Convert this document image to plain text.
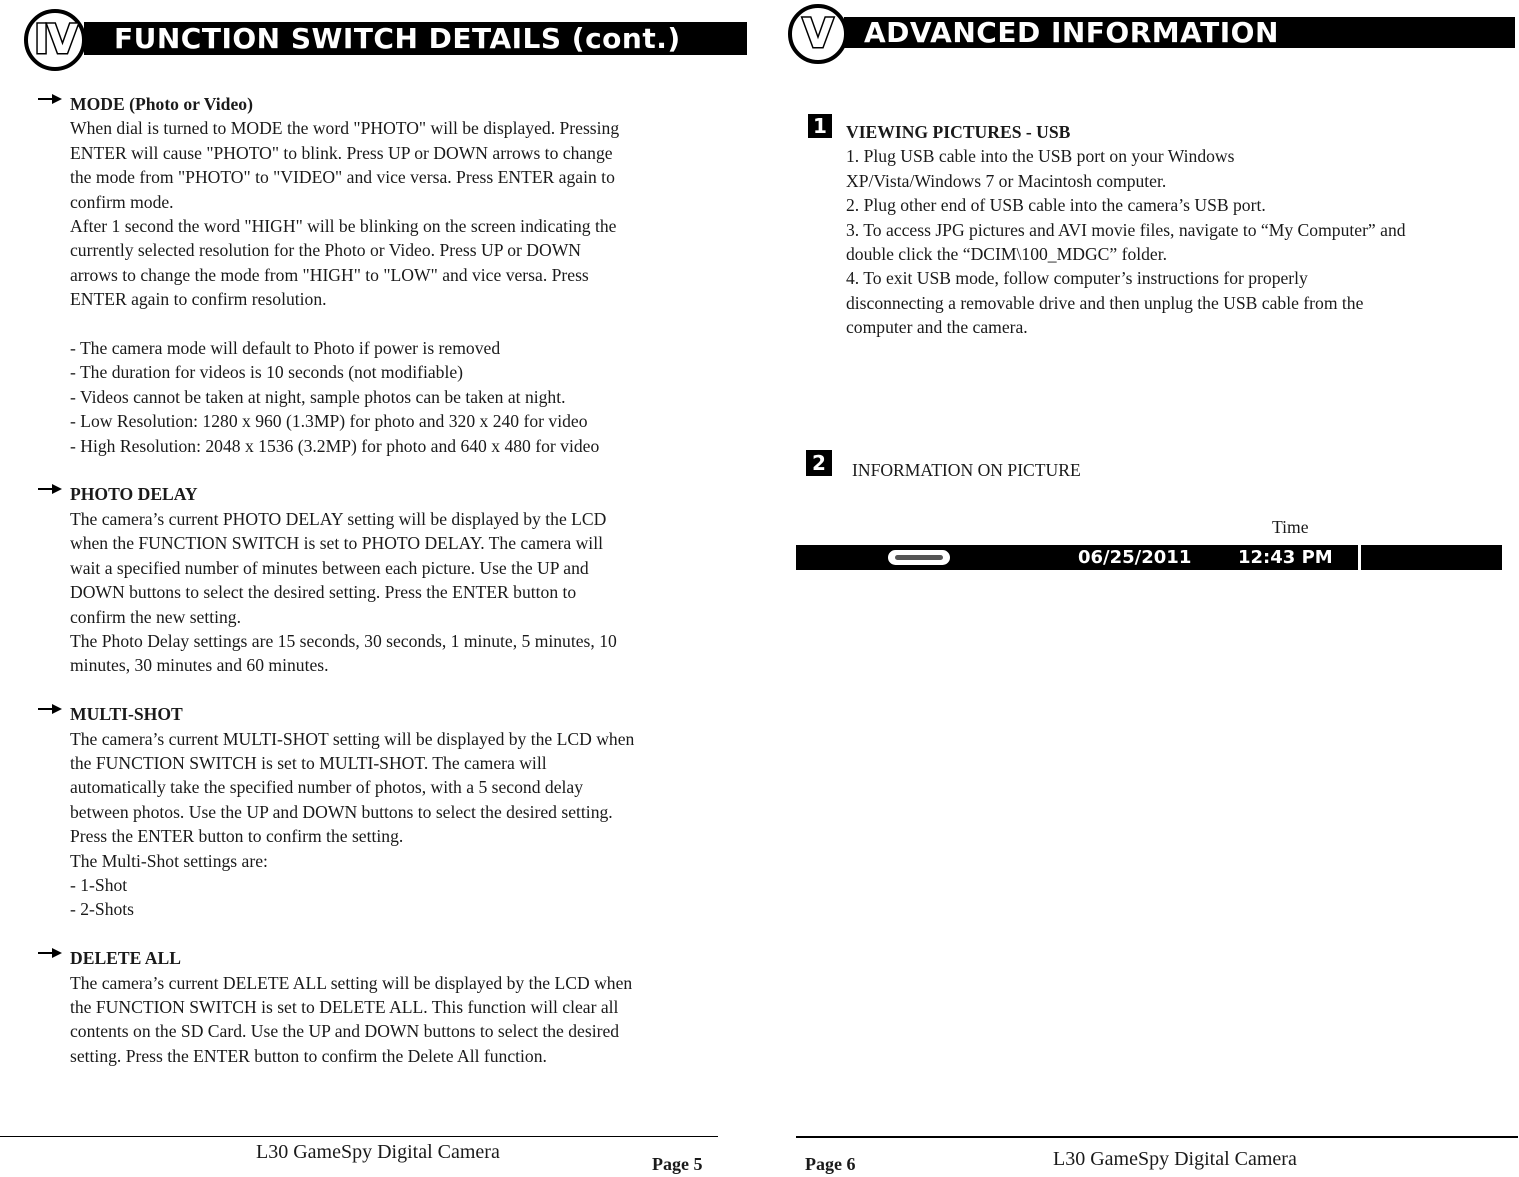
FUNCTION SWITCH DETAILS (cont.)
IV
MODE (Photo or Video)
When dial is turned to MODE the word "PHOTO" will be displayed. Pressing
ENTER will cause "PHOTO" to blink. Press UP or DOWN arrows to change
the mode from "PHOTO" to "VIDEO" and vice versa. Press ENTER again to
confirm mode.
After 1 second the word "HIGH" will be blinking on the screen indicating the
currently selected resolution for the Photo or Video. Press UP or DOWN
arrows to change the mode from "HIGH" to "LOW" and vice versa. Press
ENTER again to confirm resolution.
- The camera mode will default to Photo if power is removed
- The duration for videos is 10 seconds (not modifiable)
- Videos cannot be taken at night, sample photos can be taken at night.
- Low Resolution: 1280 x 960 (1.3MP) for photo and 320 x 240 for video
- High Resolution: 2048 x 1536 (3.2MP) for photo and 640 x 480 for video
PHOTO DELAY
The camera’s current PHOTO DELAY setting will be displayed by the LCD
when the FUNCTION SWITCH is set to PHOTO DELAY. The camera will
wait a specified number of minutes between each picture. Use the UP and
DOWN buttons to select the desired setting. Press the ENTER button to
confirm the new setting.
The Photo Delay settings are 15 seconds, 30 seconds, 1 minute, 5 minutes, 10
minutes, 30 minutes and 60 minutes.
MULTI-SHOT
The camera’s current MULTI-SHOT setting will be displayed by the LCD when
the FUNCTION SWITCH is set to MULTI-SHOT. The camera will
automatically take the specified number of photos, with a 5 second delay
between photos. Use the UP and DOWN buttons to select the desired setting.
Press the ENTER button to confirm the setting.
The Multi-Shot settings are:
- 1-Shot
- 2-Shots
DELETE ALL
The camera’s current DELETE ALL setting will be displayed by the LCD when
the FUNCTION SWITCH is set to DELETE ALL. This function will clear all
contents on the SD Card. Use the UP and DOWN buttons to select the desired
setting. Press the ENTER button to confirm the Delete All function.
L30 GameSpy Digital Camera
Page 5
ADVANCED INFORMATION
V
1 VIEWING PICTURES - USB
1. Plug USB cable into the USB port on your Windows
XP/Vista/Windows 7 or Macintosh computer.
2. Plug other end of USB cable into the camera’s USB port.
3. To access JPG pictures and AVI movie files, navigate to “My Computer” and
double click the “DCIM\100_MDGC” folder.
4. To exit USB mode, follow computer’s instructions for properly
disconnecting a removable drive and then unplug the USB cable from the
computer and the camera.
2 INFORMATION ON PICTURE
Time
06/25/2011	12:43 PM
Page 6	L30 GameSpy Digital Camera
